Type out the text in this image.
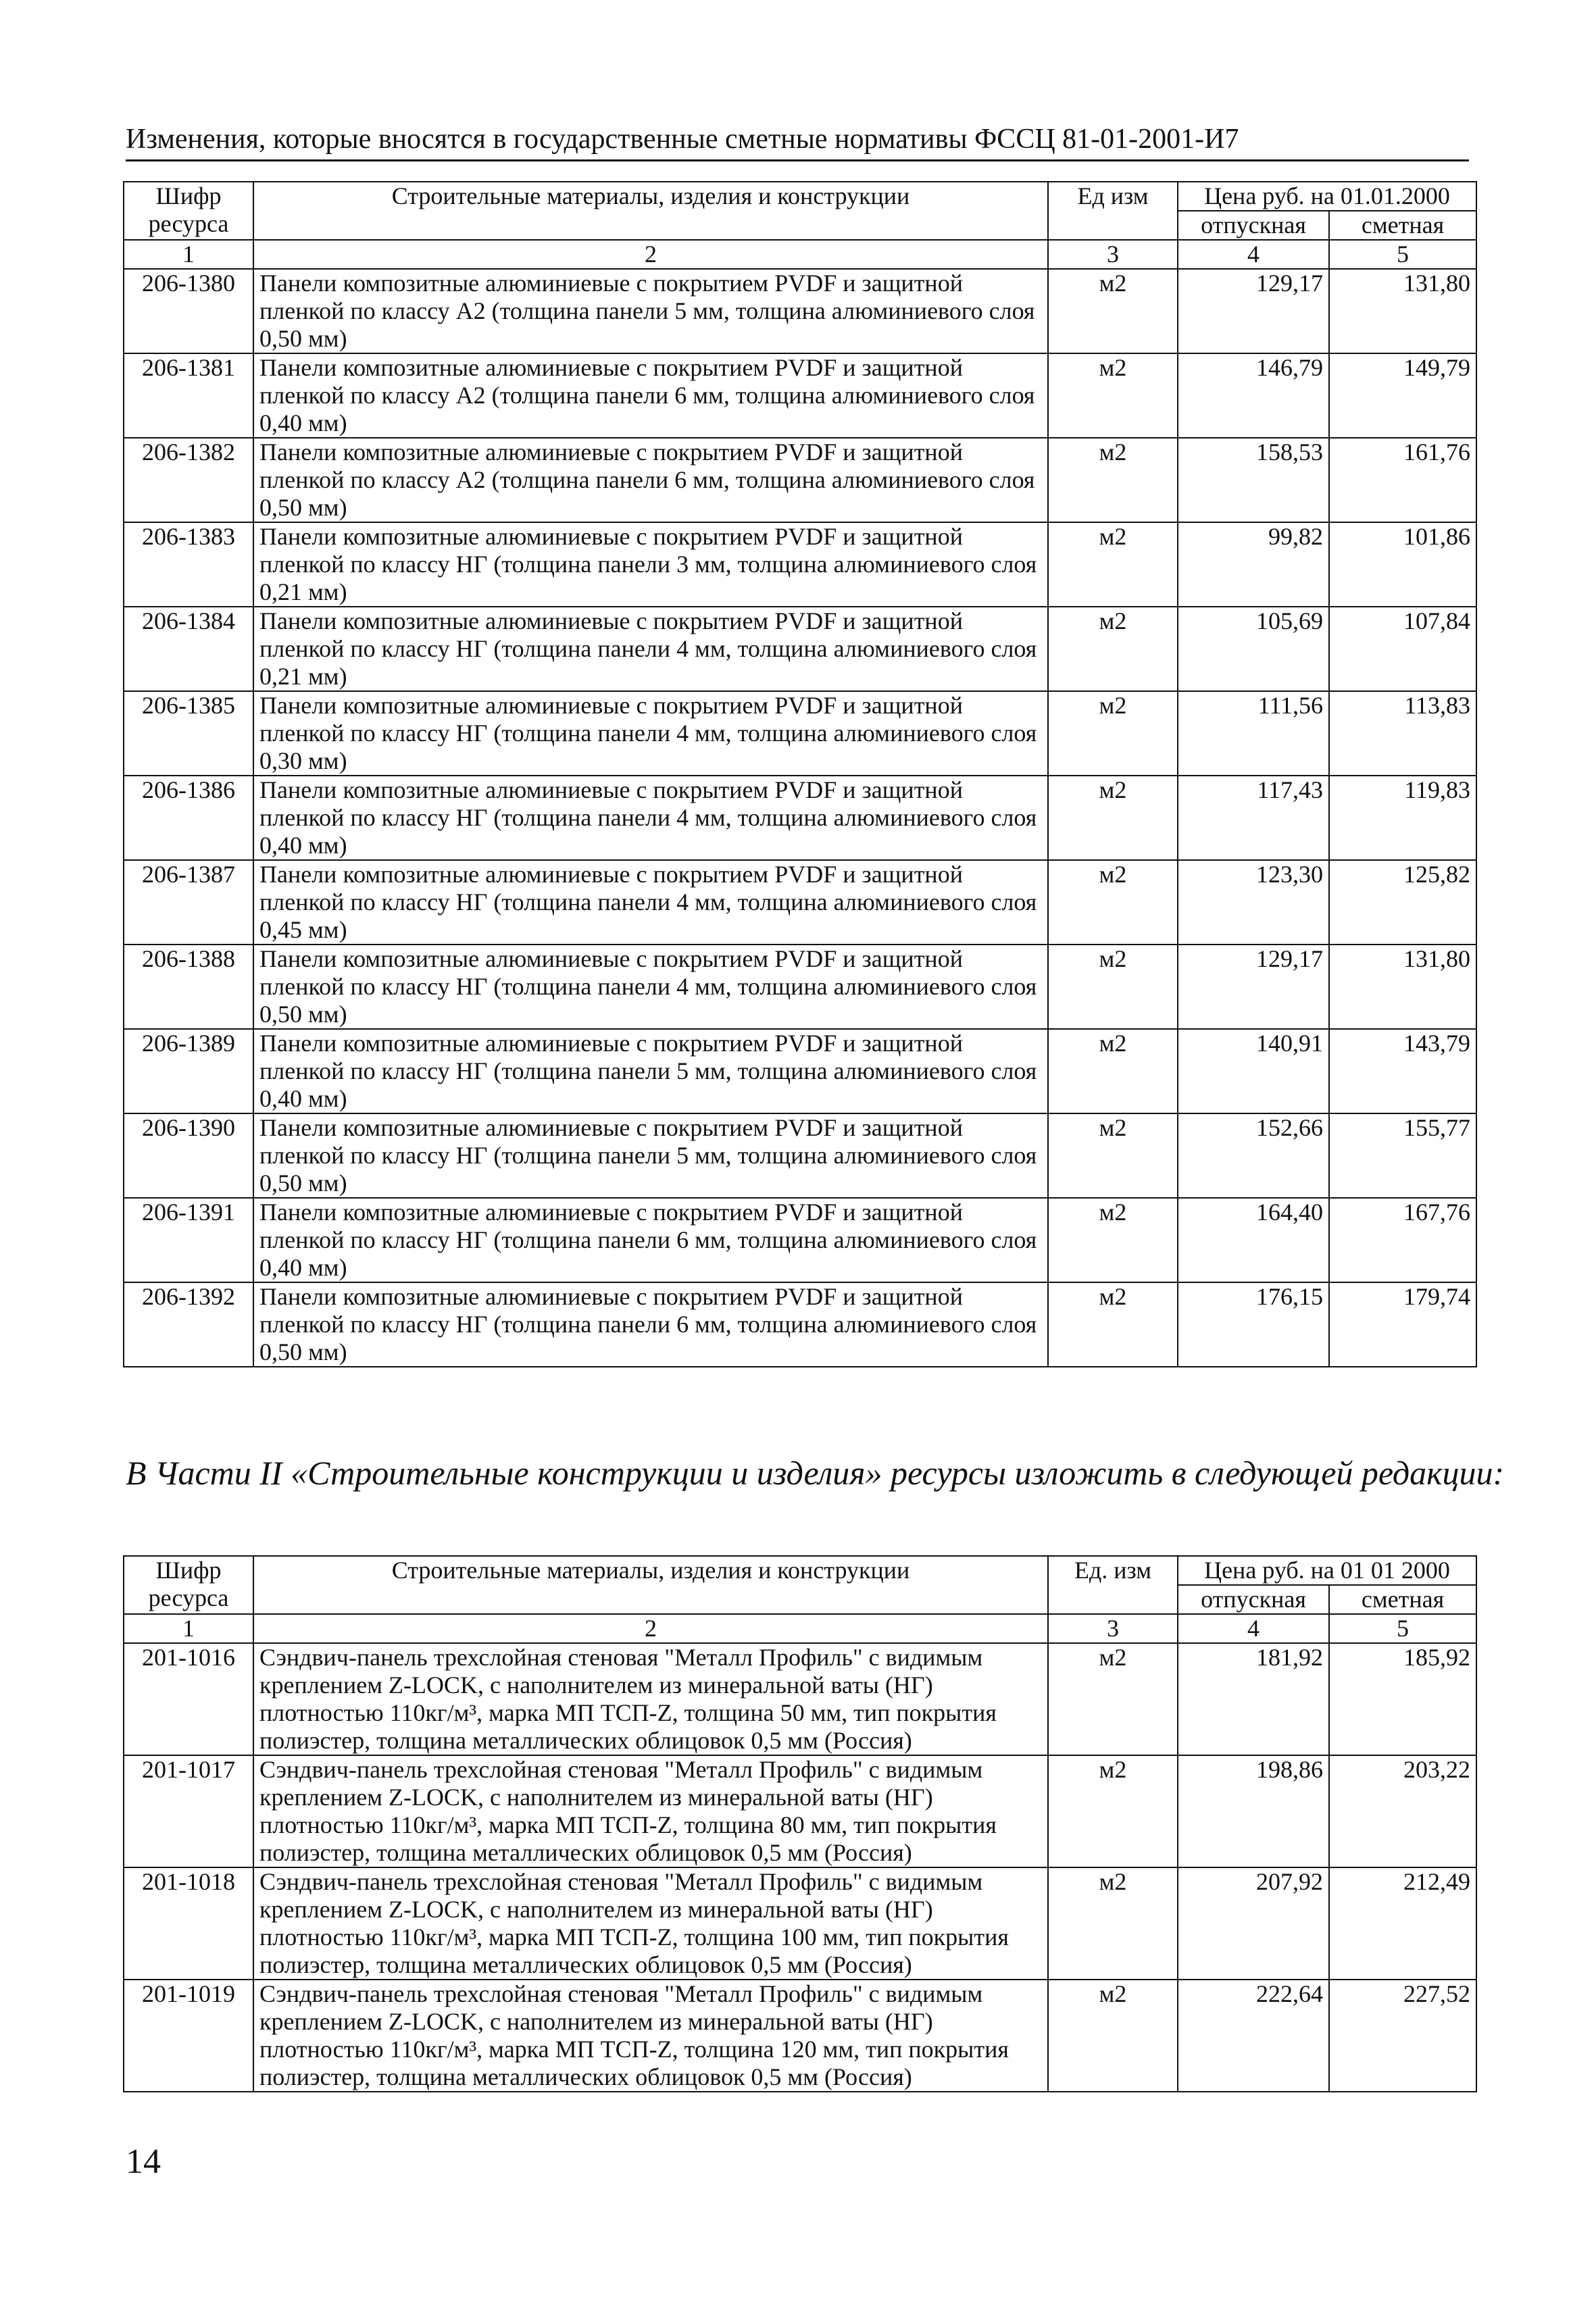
Изменения, которые вносятся в государственные сметные нормативы ФССЦ 81-01-2001-И7
Шифр ресурса	Строительные материалы, изделия и конструкции	Ед изм	Цена руб. на 01.01.2000	
			отпускная	сметная
1	2	3	4	5
206-1380	Панели композитные алюминиевые с покрытием PVDF и защитной пленкой по классу А2 (толщина панели 5 мм, толщина алюминиевого слоя 0,50 мм)	м2	129,17	131,80
206-1381	Панели композитные алюминиевые с покрытием PVDF и защитной пленкой по классу А2 (толщина панели 6 мм, толщина алюминиевого слоя 0,40 мм)	м2	146,79	149,79
206-1382	Панели композитные алюминиевые с покрытием PVDF и защитной пленкой по классу А2 (толщина панели 6 мм, толщина алюминиевого слоя 0,50 мм)	м2	158,53	161,76
206-1383	Панели композитные алюминиевые с покрытием PVDF и защитной пленкой по классу НГ (толщина панели 3 мм, толщина алюминиевого слоя 0,21 мм)	м2	99,82	101,86
206-1384	Панели композитные алюминиевые с покрытием PVDF и защитной пленкой по классу НГ (толщина панели 4 мм, толщина алюминиевого слоя 0,21 мм)	м2	105,69	107,84
206-1385	Панели композитные алюминиевые с покрытием PVDF и защитной пленкой по классу НГ (толщина панели 4 мм, толщина алюминиевого слоя 0,30 мм)	м2	111,56	113,83
206-1386	Панели композитные алюминиевые с покрытием PVDF и защитной пленкой по классу НГ (толщина панели 4 мм, толщина алюминиевого слоя 0,40 мм)	м2	117,43	119,83
206-1387	Панели композитные алюминиевые с покрытием PVDF и защитной пленкой по классу НГ (толщина панели 4 мм, толщина алюминиевого слоя 0,45 мм)	м2	123,30	125,82
206-1388	Панели композитные алюминиевые с покрытием PVDF и защитной пленкой по классу НГ (толщина панели 4 мм, толщина алюминиевого слоя 0,50 мм)	м2	129,17	131,80
206-1389	Панели композитные алюминиевые с покрытием PVDF и защитной пленкой по классу НГ (толщина панели 5 мм, толщина алюминиевого слоя 0,40 мм)	м2	140,91	143,79
206-1390	Панели композитные алюминиевые с покрытием PVDF и защитной пленкой по классу НГ (толщина панели 5 мм, толщина алюминиевого слоя 0,50 мм)	м2	152,66	155,77
206-1391	Панели композитные алюминиевые с покрытием PVDF и защитной пленкой по классу НГ (толщина панели 6 мм, толщина алюминиевого слоя 0,40 мм)	м2	164,40	167,76
206-1392	Панели композитные алюминиевые с покрытием PVDF и защитной пленкой по классу НГ (толщина панели 6 мм, толщина алюминиевого слоя 0,50 мм)	м2	176,15	179,74
В Части II «Строительные конструкции и изделия» ресурсы изложить в следующей редакции:
Шифр ресурса	Строительные материалы, изделия и конструкции	Ед. изм	Цена руб. на 01 01 2000	
			отпускная	сметная
1	2	3	4	5
201-1016	Сэндвич-панель трехслойная стеновая "Металл Профиль" с видимым креплением Z-LOCK, с наполнителем из минеральной ваты (НГ) плотностью 110кг/м³, марка МП ТСП-Z, толщина 50 мм, тип покрытия полиэстер, толщина металлических облицовок 0,5 мм (Россия)	м2	181,92	185,92
201-1017	Сэндвич-панель трехслойная стеновая "Металл Профиль" с видимым креплением Z-LOCK, с наполнителем из минеральной ваты (НГ) плотностью 110кг/м³, марка МП ТСП-Z, толщина 80 мм, тип покрытия полиэстер, толщина металлических облицовок 0,5 мм (Россия)	м2	198,86	203,22
201-1018	Сэндвич-панель трехслойная стеновая "Металл Профиль" с видимым креплением Z-LOCK, с наполнителем из минеральной ваты (НГ) плотностью 110кг/м³, марка МП ТСП-Z, толщина 100 мм, тип покрытия полиэстер, толщина металлических облицовок 0,5 мм (Россия)	м2	207,92	212,49
201-1019	Сэндвич-панель трехслойная стеновая "Металл Профиль" с видимым креплением Z-LOCK, с наполнителем из минеральной ваты (НГ) плотностью 110кг/м³, марка МП ТСП-Z, толщина 120 мм, тип покрытия полиэстер, толщина металлических облицовок 0,5 мм (Россия)	м2	222,64	227,52
14
